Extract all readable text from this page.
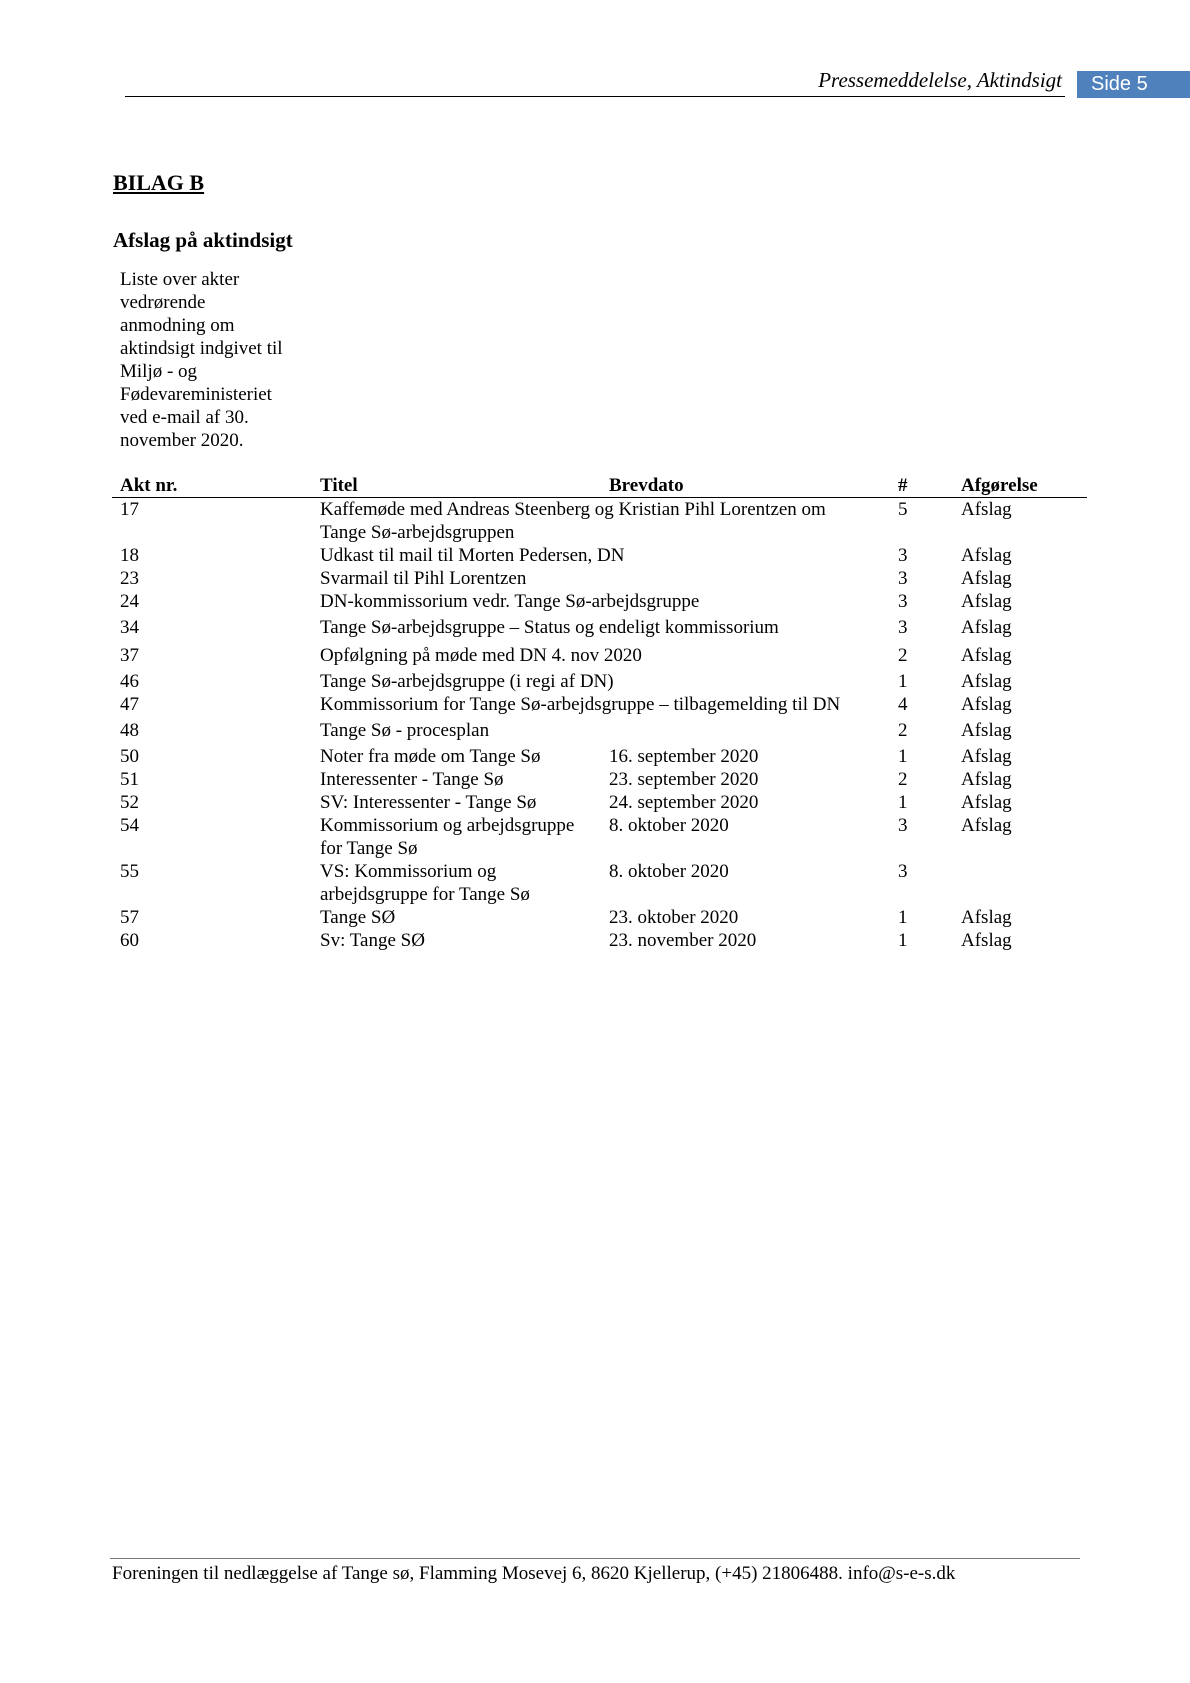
Pressemeddelelse, Aktindsigt	Side 5
BILAG B
Afslag på aktindsigt
Liste over akter
vedrørende
anmodning om
aktindsigt indgivet til
Miljø - og
Fødevareministeriet
ved e-mail af 30.
november 2020.
Akt nr.	Titel	Brevdato	#	Afgørelse
17	Kaffemøde med Andreas Steenberg og Kristian Pihl Lorentzen om
Tange Sø-arbejdsgruppen
5	Afslag
18	Udkast til mail til Morten Pedersen, DN	3	Afslag
23	Svarmail til Pihl Lorentzen	3	Afslag
24	DN-kommissorium vedr. Tange Sø-arbejdsgruppe	3	Afslag
34	Tange Sø-arbejdsgruppe – Status og endeligt kommissorium	3	Afslag
37	Opfølgning på møde med DN 4. nov 2020	2	Afslag
46	Tange Sø-arbejdsgruppe (i regi af DN)	1	Afslag
47	Kommissorium for Tange Sø-arbejdsgruppe – tilbagemelding til DN	4	Afslag
48	Tange Sø - procesplan	2	Afslag
50	Noter fra møde om Tange Sø	16. september 2020	1	Afslag
51	Interessenter - Tange Sø	23. september 2020	2	Afslag
52	SV: Interessenter - Tange Sø	24. september 2020	1	Afslag
54	Kommissorium og arbejdsgruppe
for Tange Sø
8. oktober 2020	3	Afslag
55	VS: Kommissorium og
arbejdsgruppe for Tange Sø
8. oktober 2020	3
57	Tange SØ	23. oktober 2020	1	Afslag
60	Sv: Tange SØ	23. november 2020	1	Afslag
Foreningen til nedlæggelse af Tange sø, Flamming Mosevej 6, 8620 Kjellerup, (+45) 21806488. info@s-e-s.dk
